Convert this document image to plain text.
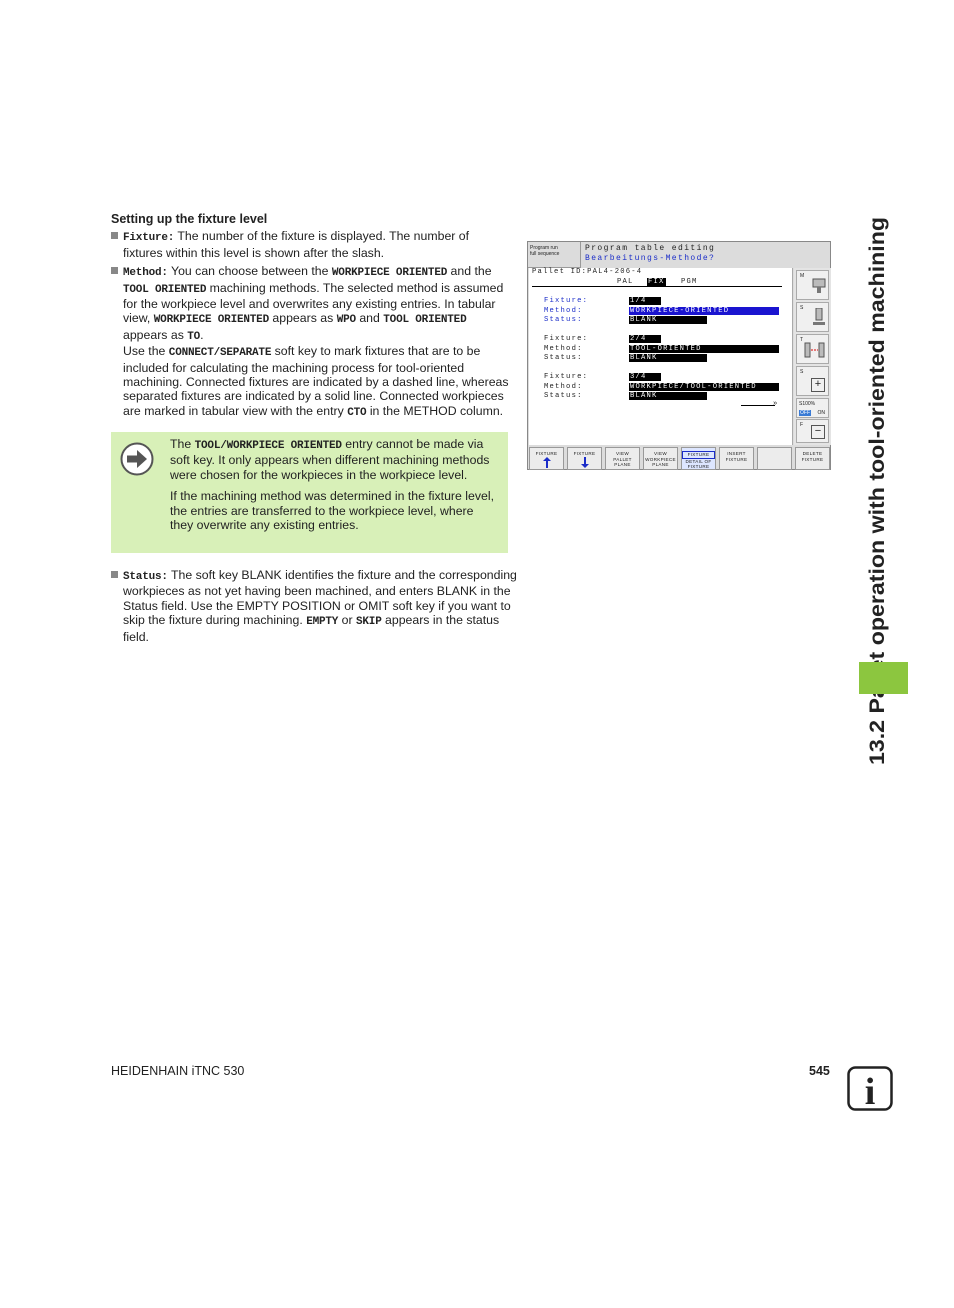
Setting up the fixture level

Fixture: The number of the fixture is displayed. The number of fixtures within this level is shown after the slash.

Method: You can choose between the WORKPIECE ORIENTED and the TOOL ORIENTED machining methods. The selected method is assumed for the workpiece level and overwrites any existing entries. In tabular view, WORKPIECE ORIENTED appears as WPO and TOOL ORIENTED appears as TO.

Use the CONNECT/SEPARATE soft key to mark fixtures that are to be included for calculating the machining process for tool-oriented machining. Connected fixtures are indicated by a dashed line, whereas separated fixtures are indicated by a solid line. Connected workpieces are marked in tabular view with the entry CTO in the METHOD column.

The TOOL/WORKPIECE ORIENTED entry cannot be made via soft key. It only appears when different machining methods were chosen for the workpieces in the workpiece level.

If the machining method was determined in the fixture level, the entries are transferred to the workpiece level, where they overwrite any existing entries.

Status: The soft key BLANK identifies the fixture and the corresponding workpieces as not yet having been machined, and enters BLANK in the Status field. Use the EMPTY POSITION or OMIT soft key if you want to skip the fixture during machining. EMPTY or SKIP appears in the status field.

Program run
full sequence
Program table editing
Bearbeitungs-Methode?
Pallet ID:PAL4-206-4
PAL FIX PGM
Fixture:	1/4
Method:	WORKPIECE-ORIENTED
Status:	BLANK
Fixture:	2/4
Method:	TOOL-ORIENTED
Status:	BLANK
Fixture:	3/4
Method:	WORKPIECE/TOOL-ORIENTED
Status:	BLANK
»
M
S
T
S
+
S100%
OFF ON
F	−
FIXTURE	FIXTURE	VIEW
PALLET
PLANE
VIEW
WORKPIECE
PLANE
FIXTURE
DETAIL OF
FIXTURE
INSERT
FIXTURE
DELETE
FIXTURE 13.2 Pallet operation with tool-oriented machining
HEIDENHAIN iTNC 530	545 i
